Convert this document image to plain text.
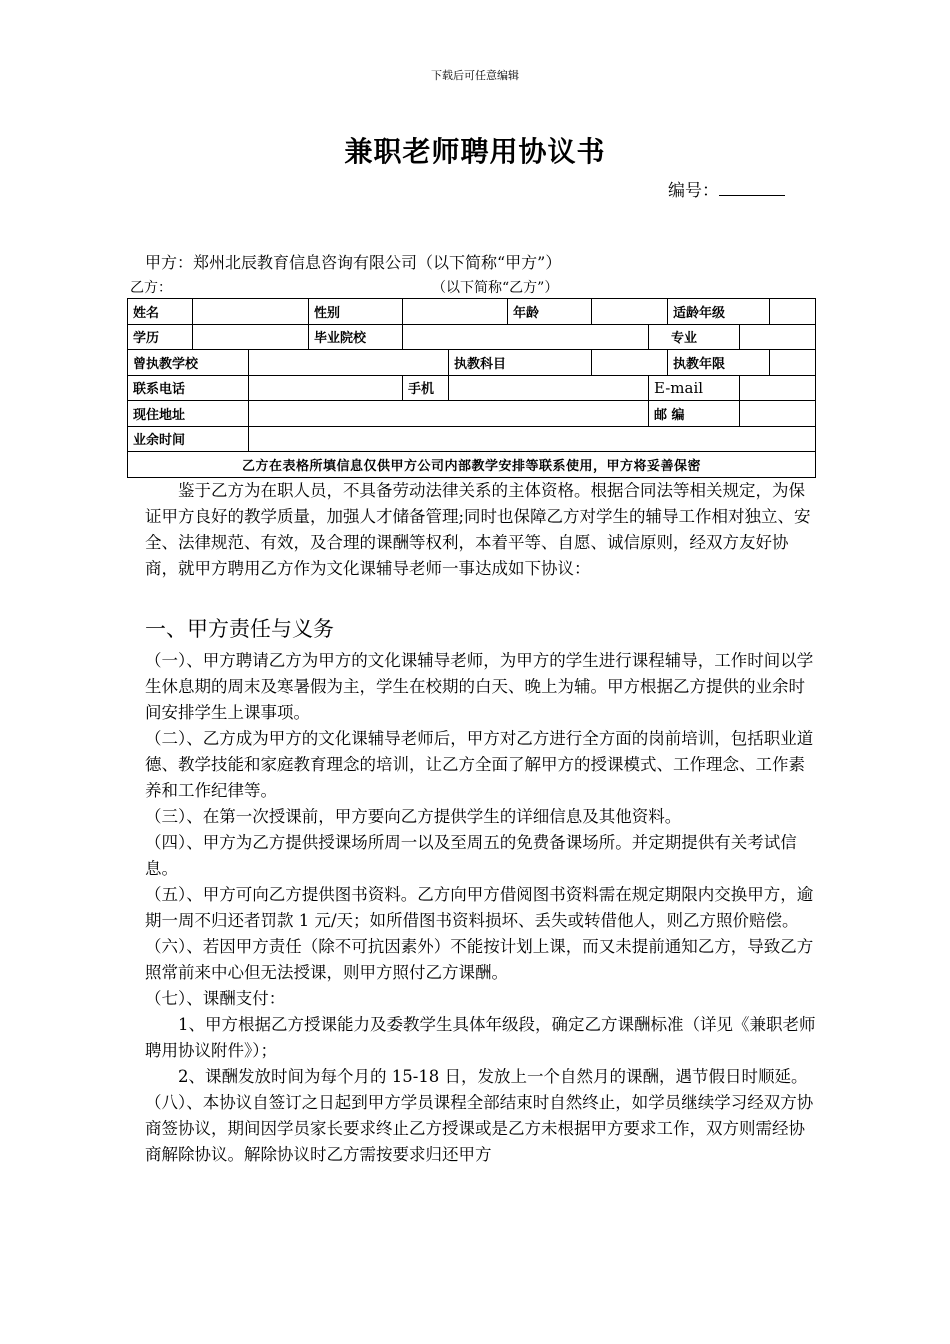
下载后可任意编辑
兼职老师聘用协议书
编号：
甲方：郑州北辰教育信息咨询有限公司（以下简称“甲方”）
乙方：	（以下简称“乙方”）
姓名			性别			年龄			适龄年级		
学历			毕业院校					专业			
曾执教学校					执教科目				执教年限		
联系电话				手机				E-mail			
现住地址								邮 编			
业余时间											
乙方在表格所填信息仅供甲方公司内部教学安排等联系使用，甲方将妥善保密											

鉴于乙方为在职人员，不具备劳动法律关系的主体资格。根据合同法等相关规定，为保证甲方良好的教学质量，加强人才储备管理;同时也保障乙方对学生的辅导工作相对独立、安全、法律规范、有效，及合理的课酬等权利，本着平等、自愿、诚信原则，经双方友好协商，就甲方聘用乙方作为文化课辅导老师一事达成如下协议：

一、甲方责任与义务

（一）、甲方聘请乙方为甲方的文化课辅导老师，为甲方的学生进行课程辅导，工作时间以学生休息期的周末及寒暑假为主，学生在校期的白天、晚上为辅。甲方根据乙方提供的业余时间安排学生上课事项。

（二）、乙方成为甲方的文化课辅导老师后，甲方对乙方进行全方面的岗前培训，包括职业道德、教学技能和家庭教育理念的培训，让乙方全面了解甲方的授课模式、工作理念、工作素养和工作纪律等。

（三）、在第一次授课前，甲方要向乙方提供学生的详细信息及其他资料。

（四）、甲方为乙方提供授课场所周一以及至周五的免费备课场所。并定期提供有关考试信息。

（五）、甲方可向乙方提供图书资料。乙方向甲方借阅图书资料需在规定期限内交换甲方，逾期一周不归还者罚款 1 元/天；如所借图书资料损坏、丢失或转借他人，则乙方照价赔偿。

（六）、若因甲方责任（除不可抗因素外）不能按计划上课，而又未提前通知乙方，导致乙方照常前来中心但无法授课，则甲方照付乙方课酬。

（七）、课酬支付：

1、甲方根据乙方授课能力及委教学生具体年级段，确定乙方课酬标准（详见《兼职老师聘用协议附件》）；

2、课酬发放时间为每个月的 15-18 日，发放上一个自然月的课酬，遇节假日时顺延。

（八）、本协议自签订之日起到甲方学员课程全部结束时自然终止，如学员继续学习经双方协商签协议，期间因学员家长要求终止乙方授课或是乙方未根据甲方要求工作，双方则需经协商解除协议。解除协议时乙方需按要求归还甲方
